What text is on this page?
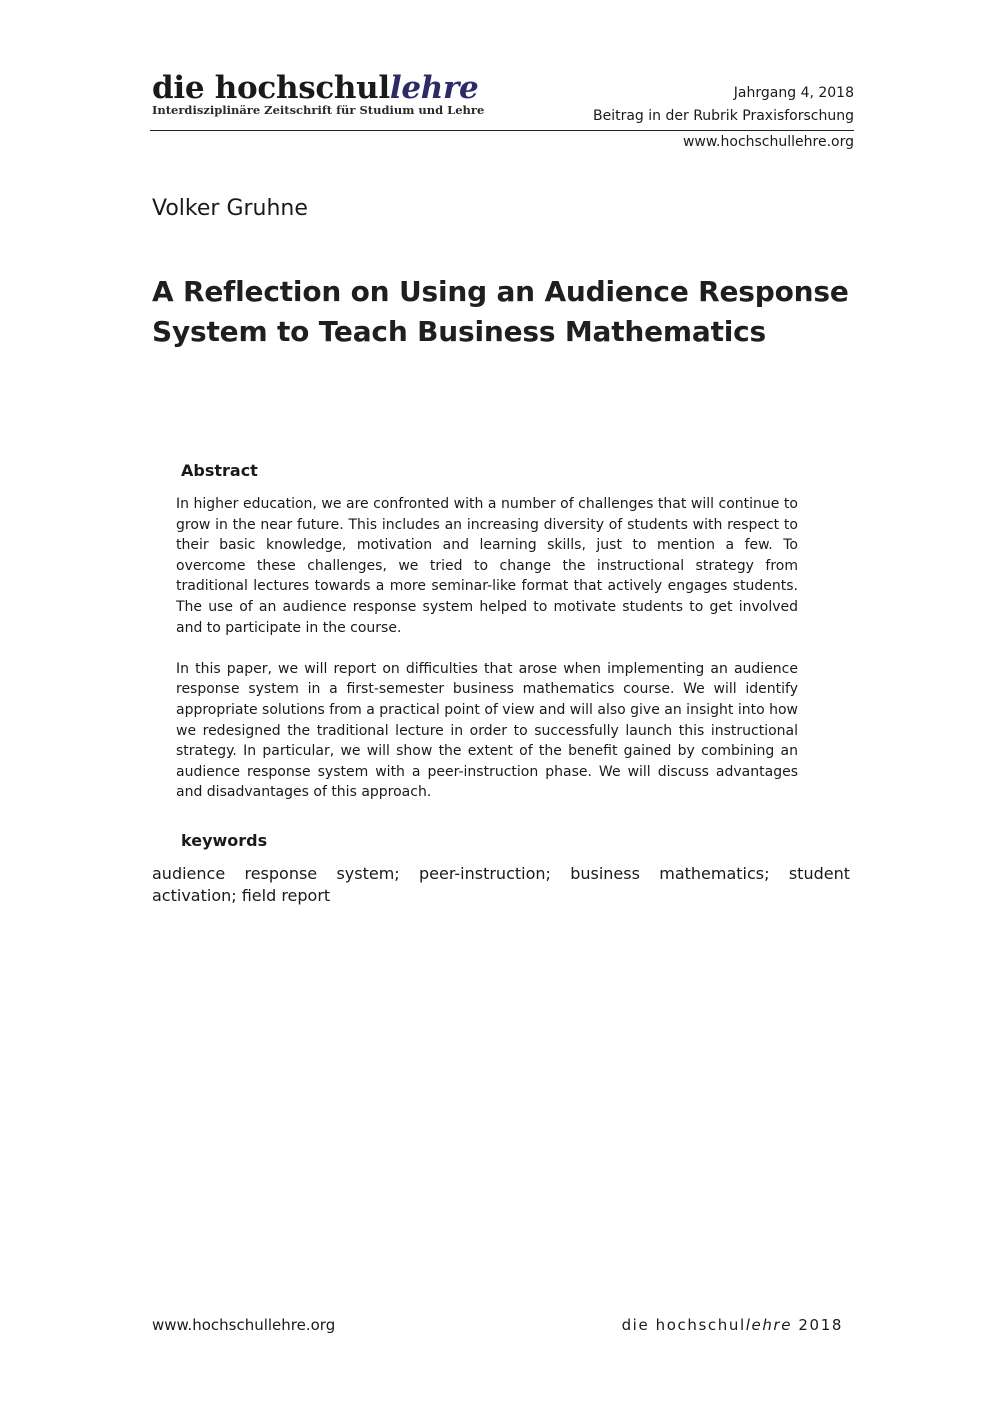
die hochschullehre
Interdisziplinäre Zeitschrift für Studium und Lehre
Jahrgang 4, 2018
Beitrag in der Rubrik Praxisforschung
www.hochschullehre.org
Volker Gruhne
A Reflection on Using an Audience Response System to Teach Business Mathematics
Abstract

In higher education, we are confronted with a number of challenges that will continue to grow in the near future. This includes an increasing diversity of students with respect to their basic knowledge, motivation and learning skills, just to mention a few. To overcome these challenges, we tried to change the instructional strategy from traditional lectures towards a more seminar-like format that actively engages students. The use of an audience response system helped to motivate students to get involved and to participate in the course.

In this paper, we will report on difficulties that arose when implementing an audience response system in a first-semester business mathematics course. We will identify appropriate solutions from a practical point of view and will also give an insight into how we redesigned the traditional lecture in order to successfully launch this instructional strategy. In particular, we will show the extent of the benefit gained by combining an audience response system with a peer-instruction phase. We will discuss advantages and disadvantages of this approach.

keywords
audience response system; peer-instruction; business mathematics; student activation; field report
www.hochschullehre.org	die hochschullehre 2018
